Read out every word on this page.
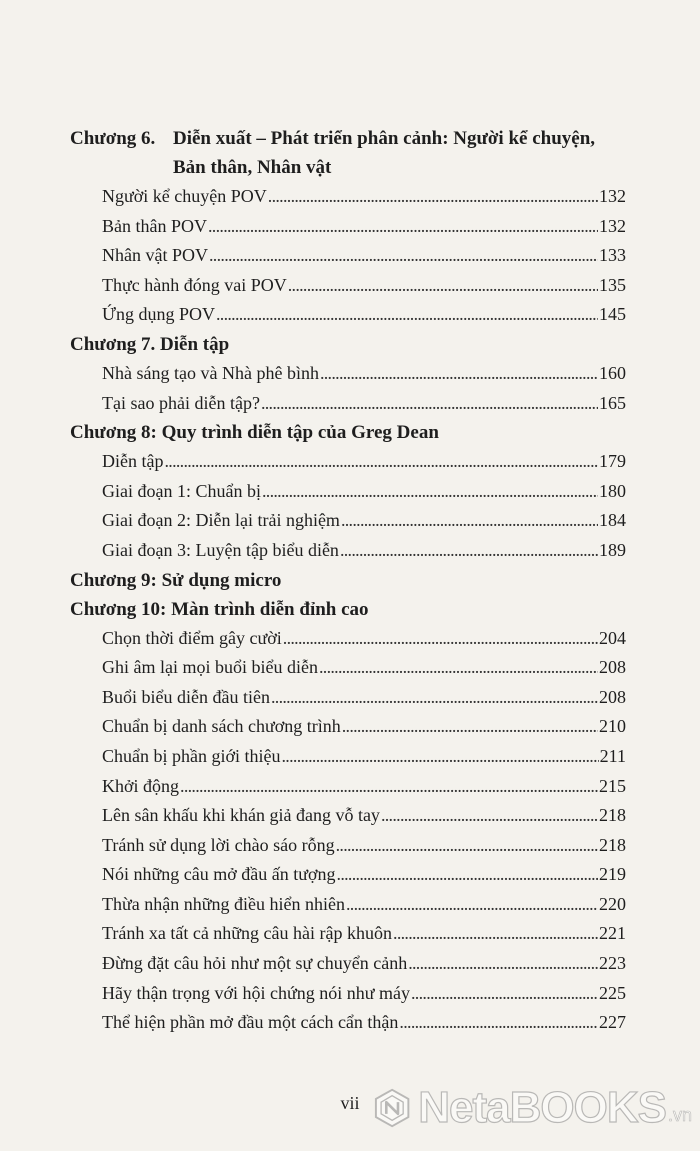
Chương 6. Diễn xuất – Phát triển phân cảnh: Người kể chuyện, Bản thân, Nhân vật
Người kể chuyện POV . . .	132
Bản thân POV . . .	132
Nhân vật POV . . .	133
Thực hành đóng vai POV . . .	135
Ứng dụng POV . . .	145
Chương 7. Diễn tập
Nhà sáng tạo và Nhà phê bình . . .	160
Tại sao phải diễn tập? . . .	165
Chương 8: Quy trình diễn tập của Greg Dean
Diễn tập . . .	179
Giai đoạn 1: Chuẩn bị . . .	180
Giai đoạn 2: Diễn lại trải nghiệm . . .	184
Giai đoạn 3: Luyện tập biểu diễn . . .	189
Chương 9: Sử dụng micro
Chương 10: Màn trình diễn đỉnh cao
Chọn thời điểm gây cười . . .	204
Ghi âm lại mọi buổi biểu diễn . . .	208
Buổi biểu diễn đầu tiên . . .	208
Chuẩn bị danh sách chương trình . . .	210
Chuẩn bị phần giới thiệu . . .	211
Khởi động . . .	215
Lên sân khấu khi khán giả đang vỗ tay . . .	218
Tránh sử dụng lời chào sáo rỗng . . .	218
Nói những câu mở đầu ấn tượng . . .	219
Thừa nhận những điều hiển nhiên . . .	220
Tránh xa tất cả những câu hài rập khuôn . . .	221
Đừng đặt câu hỏi như một sự chuyển cảnh . . .	223
Hãy thận trọng với hội chứng nói như máy . . .	225
Thể hiện phần mở đầu một cách cẩn thận . . .	227
vii	NetaBOOKS .vn
